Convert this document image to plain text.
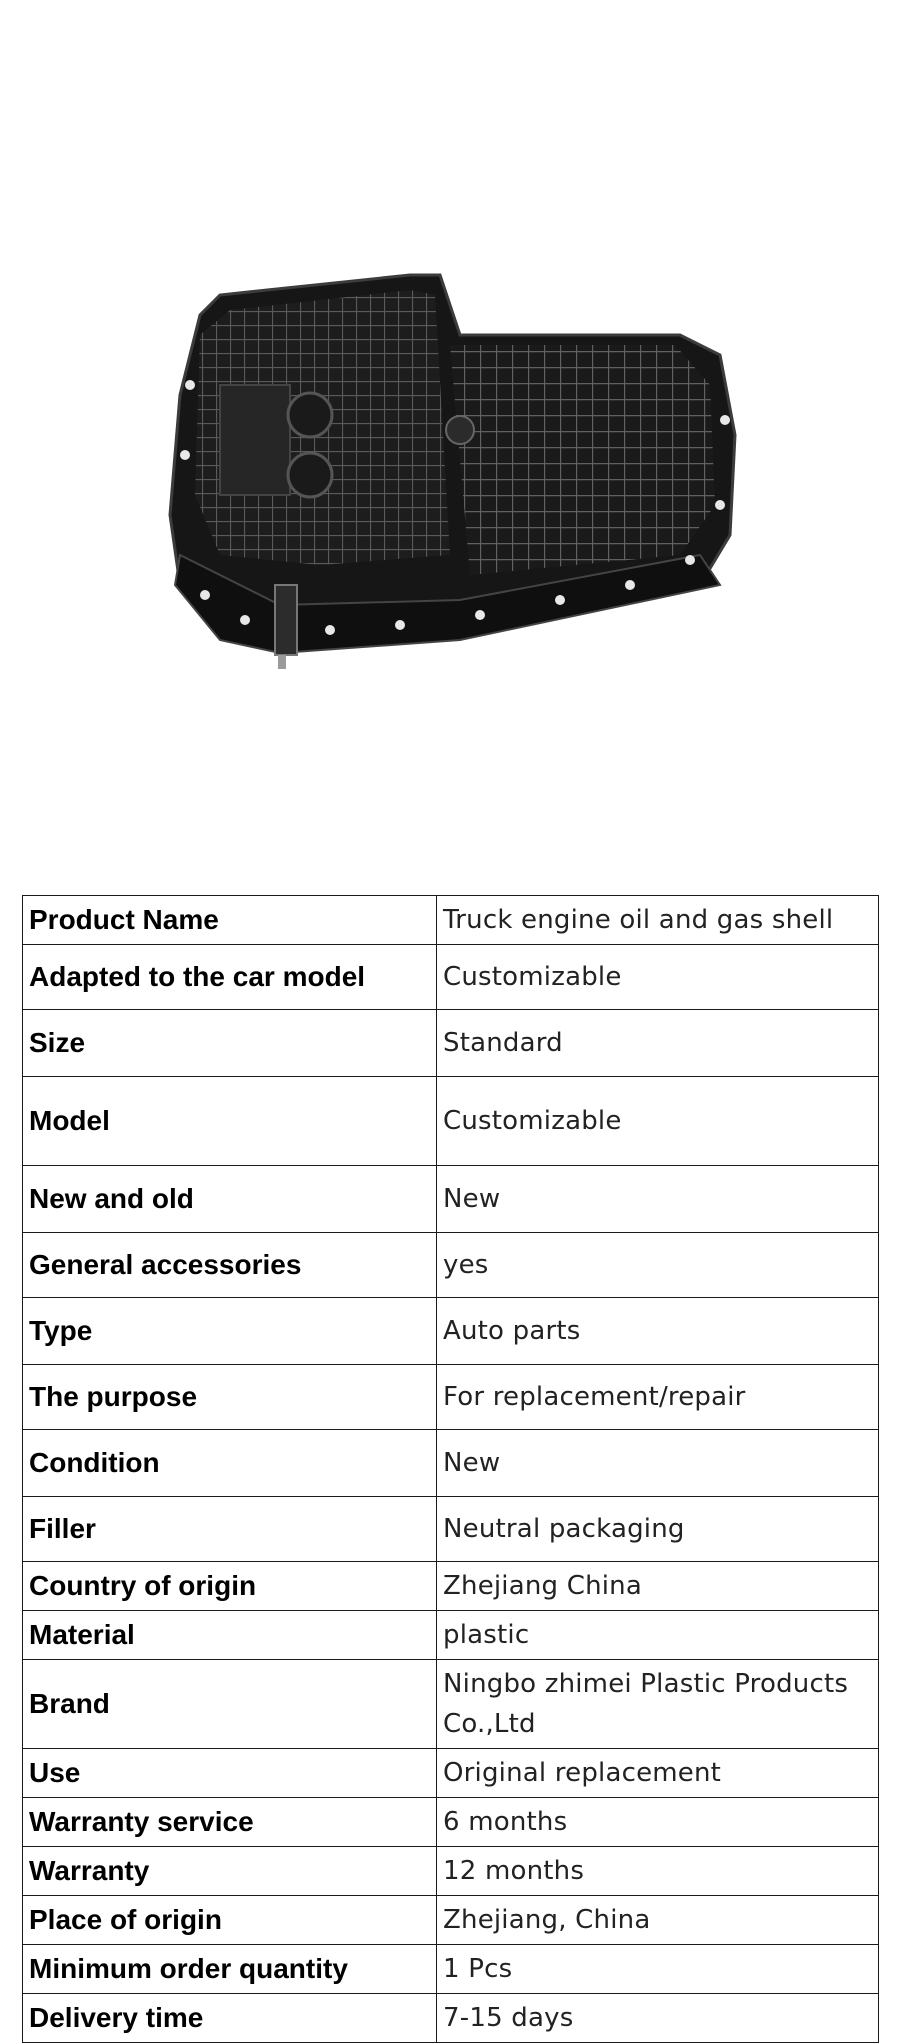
Product Name	Truck engine oil and gas shell
Adapted to the car model	Customizable
Size	Standard
Model	Customizable
New and old	New
General accessories	yes
Type	Auto parts
The purpose	For replacement/repair
Condition	New
Filler	Neutral packaging
Country of origin	Zhejiang China
Material	plastic
Brand	Ningbo zhimei Plastic Products Co.,Ltd
Use	Original replacement
Warranty service	6 months
Warranty	12 months
Place of origin	Zhejiang, China
Minimum order quantity	1 Pcs
Delivery time	7-15 days
